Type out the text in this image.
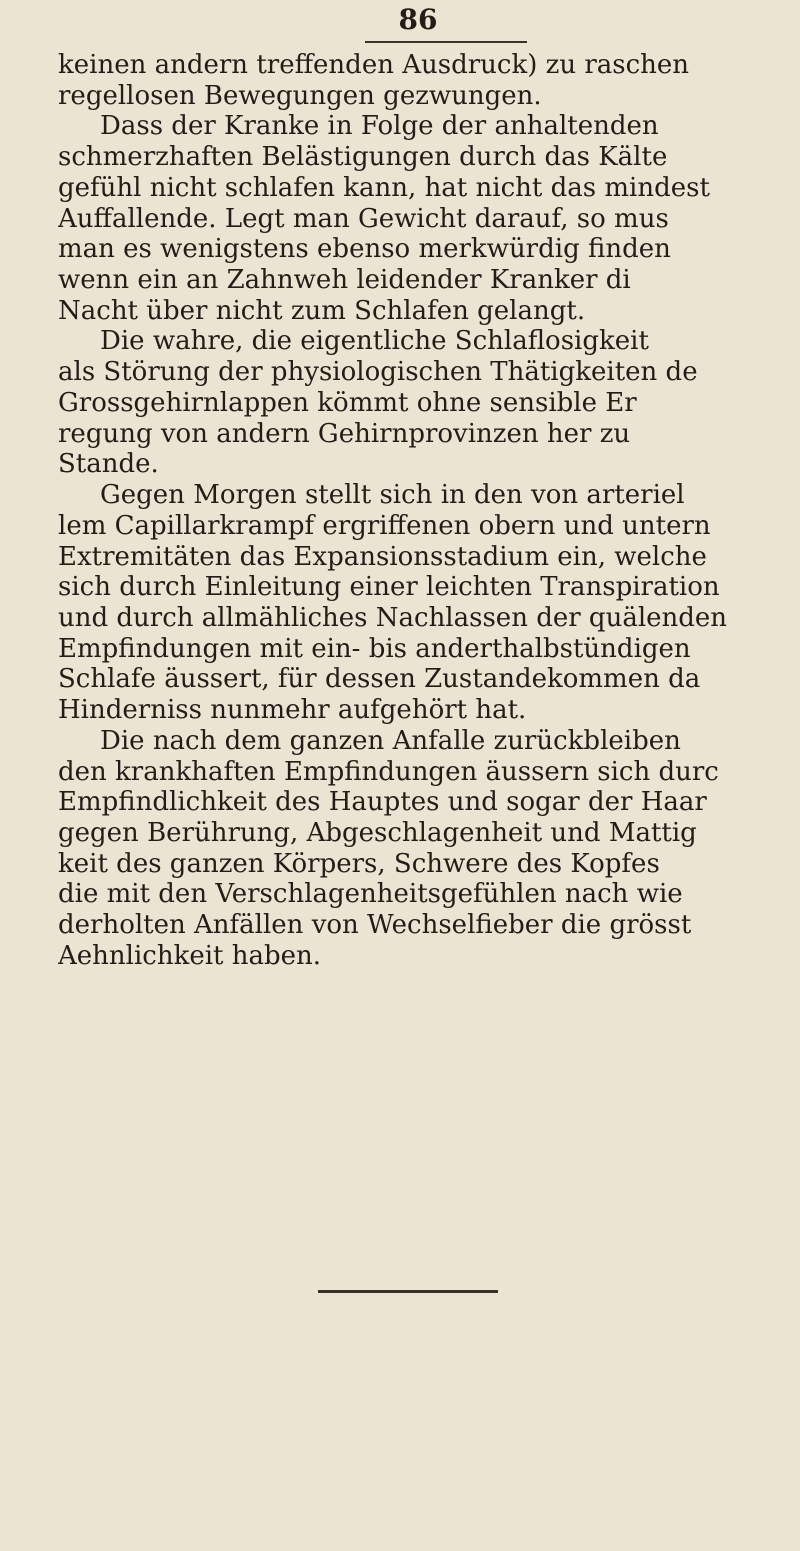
86
keinen andern treffenden Ausdruck) zu raschen
regellosen Bewegungen gezwungen.
Dass der Kranke in Folge der anhaltenden
schmerzhaften Belästigungen durch das Kälte
gefühl nicht schlafen kann, hat nicht das mindest
Auffallende. Legt man Gewicht darauf, so mus
man es wenigstens ebenso merkwürdig finden
wenn ein an Zahnweh leidender Kranker di
Nacht über nicht zum Schlafen gelangt.
Die wahre, die eigentliche Schlaflosigkeit
als Störung der physiologischen Thätigkeiten de
Grossgehirnlappen kömmt ohne sensible Er
regung von andern Gehirnprovinzen her zu
Stande.
Gegen Morgen stellt sich in den von arteriel
lem Capillarkrampf ergriffenen obern und untern
Extremitäten das Expansionsstadium ein, welche
sich durch Einleitung einer leichten Transpiration
und durch allmähliches Nachlassen der quälenden
Empfindungen mit ein- bis anderthalbstündigen
Schlafe äussert, für dessen Zustandekommen da
Hinderniss nunmehr aufgehört hat.
Die nach dem ganzen Anfalle zurückbleiben
den krankhaften Empfindungen äussern sich durc
Empfindlichkeit des Hauptes und sogar der Haar
gegen Berührung, Abgeschlagenheit und Mattig
keit des ganzen Körpers, Schwere des Kopfes
die mit den Verschlagenheitsgefühlen nach wie
derholten Anfällen von Wechselfieber die grösst
Aehnlichkeit haben.
